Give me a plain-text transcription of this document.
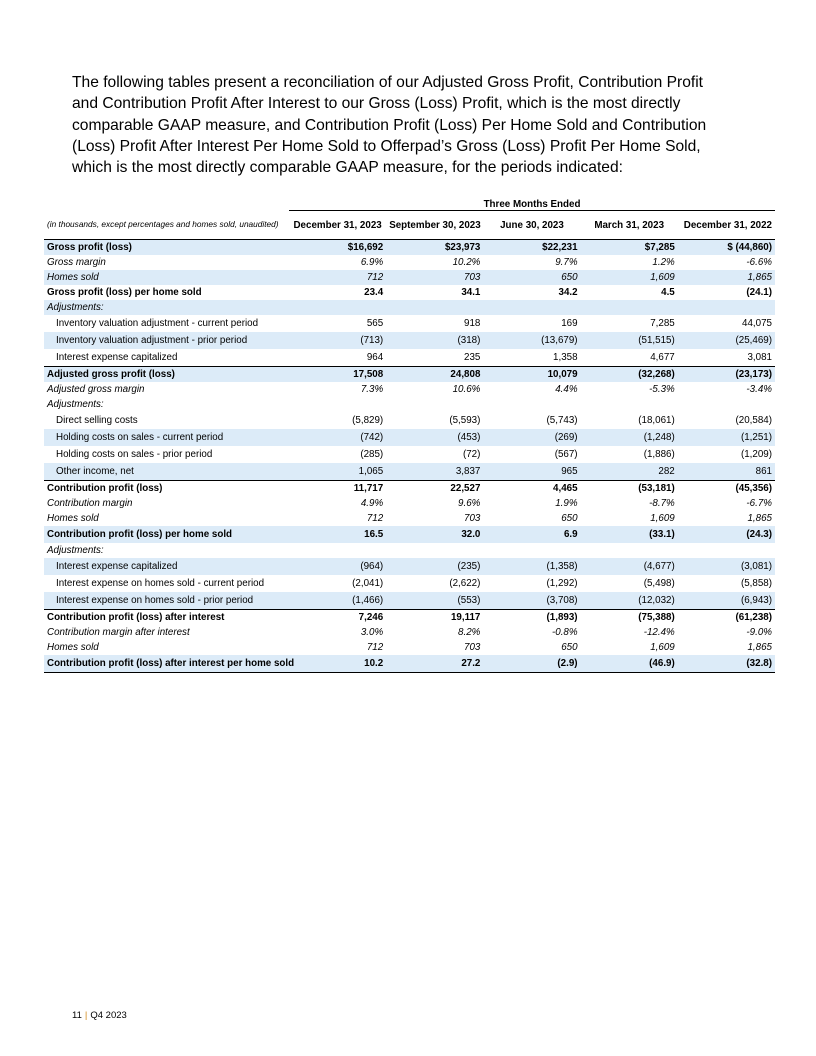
The following tables present a reconciliation of our Adjusted Gross Profit, Contribution Profit and Contribution Profit After Interest to our Gross (Loss) Profit, which is the most directly comparable GAAP measure, and Contribution Profit (Loss) Per Home Sold and Contribution (Loss) Profit After Interest Per Home Sold to Offerpad’s Gross (Loss) Profit Per Home Sold, which is the most directly comparable GAAP measure, for the periods indicated:

	Three Months Ended				
(in thousands, except percentages and homes sold, unaudited)	December 31, 2023	September 30, 2023	June 30, 2023	March 31, 2023	December 31, 2022
Gross profit (loss)	$16,692	$23,973	$22,231	$7,285	$ (44,860)
Gross margin	6.9%	10.2%	9.7%	1.2%	-6.6%
Homes sold	712	703	650	1,609	1,865
Gross profit (loss) per home sold	23.4	34.1	34.2	4.5	(24.1)
Adjustments:					
Inventory valuation adjustment - current period	565	918	169	7,285	44,075
Inventory valuation adjustment - prior period	(713)	(318)	(13,679)	(51,515)	(25,469)
Interest expense capitalized	964	235	1,358	4,677	3,081
Adjusted gross profit (loss)	17,508	24,808	10,079	(32,268)	(23,173)
Adjusted gross margin	7.3%	10.6%	4.4%	-5.3%	-3.4%
Adjustments:					
Direct selling costs	(5,829)	(5,593)	(5,743)	(18,061)	(20,584)
Holding costs on sales - current period	(742)	(453)	(269)	(1,248)	(1,251)
Holding costs on sales - prior period	(285)	(72)	(567)	(1,886)	(1,209)
Other income, net	1,065	3,837	965	282	861
Contribution profit (loss)	11,717	22,527	4,465	(53,181)	(45,356)
Contribution margin	4.9%	9.6%	1.9%	-8.7%	-6.7%
Homes sold	712	703	650	1,609	1,865
Contribution profit (loss) per home sold	16.5	32.0	6.9	(33.1)	(24.3)
Adjustments:					
Interest expense capitalized	(964)	(235)	(1,358)	(4,677)	(3,081)
Interest expense on homes sold - current period	(2,041)	(2,622)	(1,292)	(5,498)	(5,858)
Interest expense on homes sold - prior period	(1,466)	(553)	(3,708)	(12,032)	(6,943)
Contribution profit (loss) after interest	7,246	19,117	(1,893)	(75,388)	(61,238)
Contribution margin after interest	3.0%	8.2%	-0.8%	-12.4%	-9.0%
Homes sold	712	703	650	1,609	1,865
Contribution profit (loss) after interest per home sold	10.2	27.2	(2.9)	(46.9)	(32.8)
11 | Q4 2023
